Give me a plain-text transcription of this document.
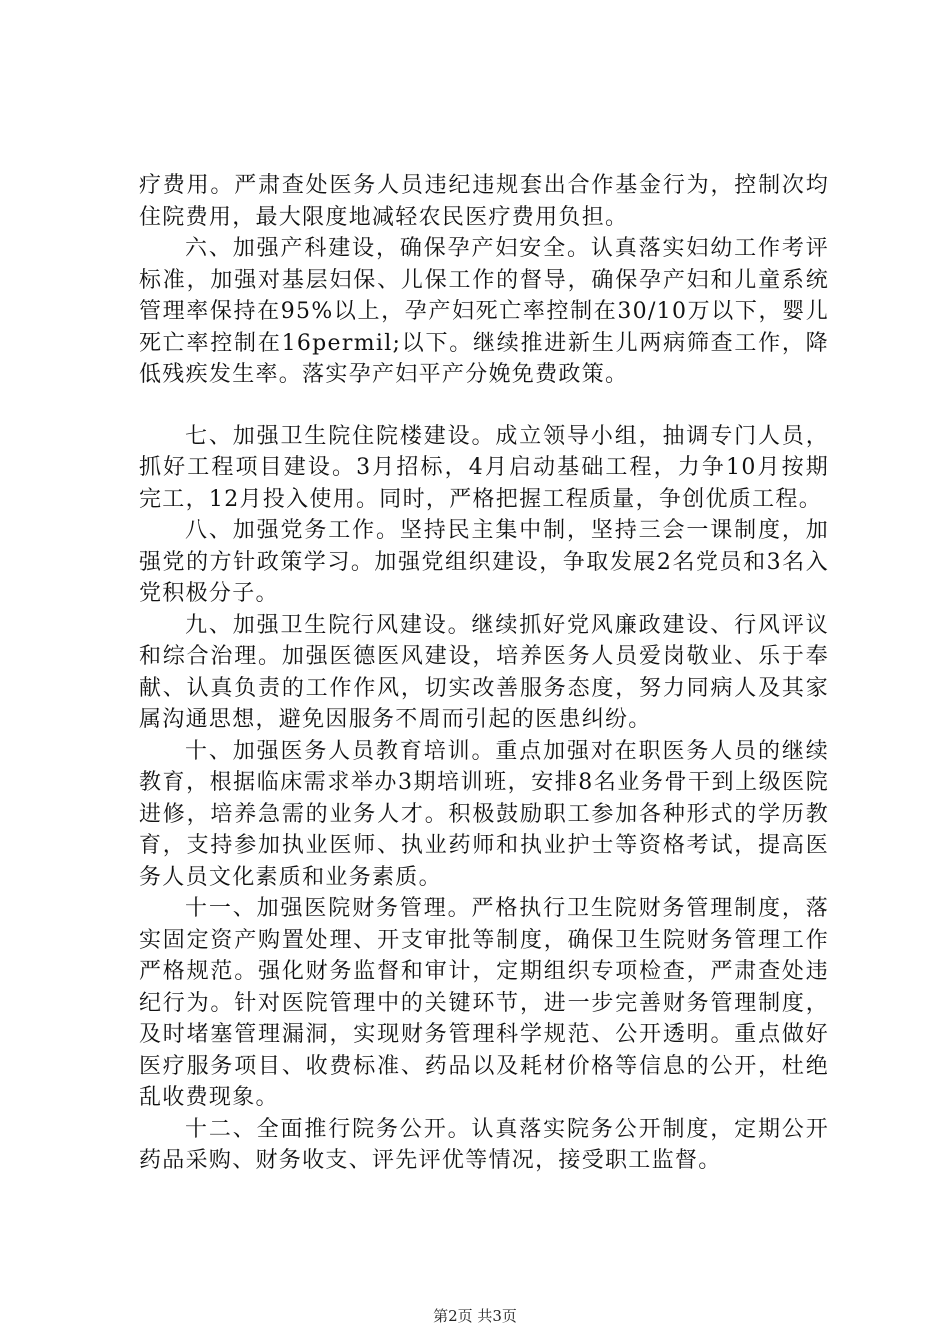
疗费用。严肃查处医务人员违纪违规套出合作基金行为，控制次均住院费用，最大限度地减轻农民医疗费用负担。

六、加强产科建设，确保孕产妇安全。认真落实妇幼工作考评标准，加强对基层妇保、儿保工作的督导，确保孕产妇和儿童系统管理率保持在95%以上，孕产妇死亡率控制在30/10万以下，婴儿死亡率控制在16permil;以下。继续推进新生儿两病筛查工作，降低残疾发生率。落实孕产妇平产分娩免费政策。

七、加强卫生院住院楼建设。成立领导小组，抽调专门人员，抓好工程项目建设。3月招标，4月启动基础工程，力争10月按期完工，12月投入使用。同时，严格把握工程质量，争创优质工程。

八、加强党务工作。坚持民主集中制，坚持三会一课制度，加强党的方针政策学习。加强党组织建设，争取发展2名党员和3名入党积极分子。

九、加强卫生院行风建设。继续抓好党风廉政建设、行风评议和综合治理。加强医德医风建设，培养医务人员爱岗敬业、乐于奉献、认真负责的工作作风，切实改善服务态度，努力同病人及其家属沟通思想，避免因服务不周而引起的医患纠纷。

十、加强医务人员教育培训。重点加强对在职医务人员的继续教育，根据临床需求举办3期培训班，安排8名业务骨干到上级医院进修，培养急需的业务人才。积极鼓励职工参加各种形式的学历教育，支持参加执业医师、执业药师和执业护士等资格考试，提高医务人员文化素质和业务素质。

十一、加强医院财务管理。严格执行卫生院财务管理制度，落实固定资产购置处理、开支审批等制度，确保卫生院财务管理工作严格规范。强化财务监督和审计，定期组织专项检查，严肃查处违纪行为。针对医院管理中的关键环节，进一步完善财务管理制度，及时堵塞管理漏洞，实现财务管理科学规范、公开透明。重点做好医疗服务项目、收费标准、药品以及耗材价格等信息的公开，杜绝乱收费现象。

十二、全面推行院务公开。认真落实院务公开制度，定期公开药品采购、财务收支、评先评优等情况，接受职工监督。

第2页 共3页
